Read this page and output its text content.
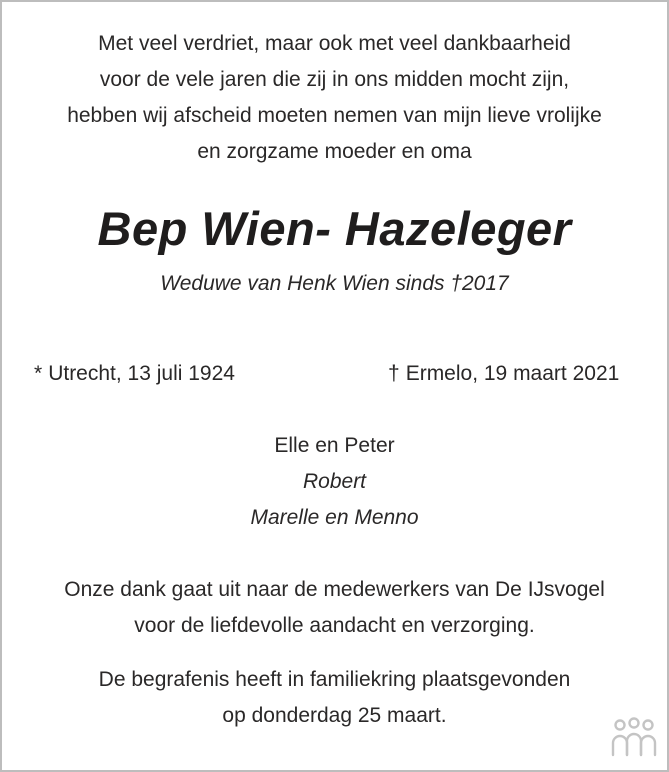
Met veel verdriet, maar ook met veel dankbaarheid
voor de vele jaren die zij in ons midden mocht zijn,
hebben wij afscheid moeten nemen van mijn lieve vrolijke
en zorgzame moeder en oma
Bep Wien- Hazeleger
Weduwe van Henk Wien sinds †2017
* Utrecht, 13 juli 1924	† Ermelo, 19 maart 2021
Elle en Peter
Robert
Marelle en Menno
Onze dank gaat uit naar de medewerkers van De IJsvogel
voor de liefdevolle aandacht en verzorging.
De begrafenis heeft in familiekring plaatsgevonden
op donderdag 25 maart.
